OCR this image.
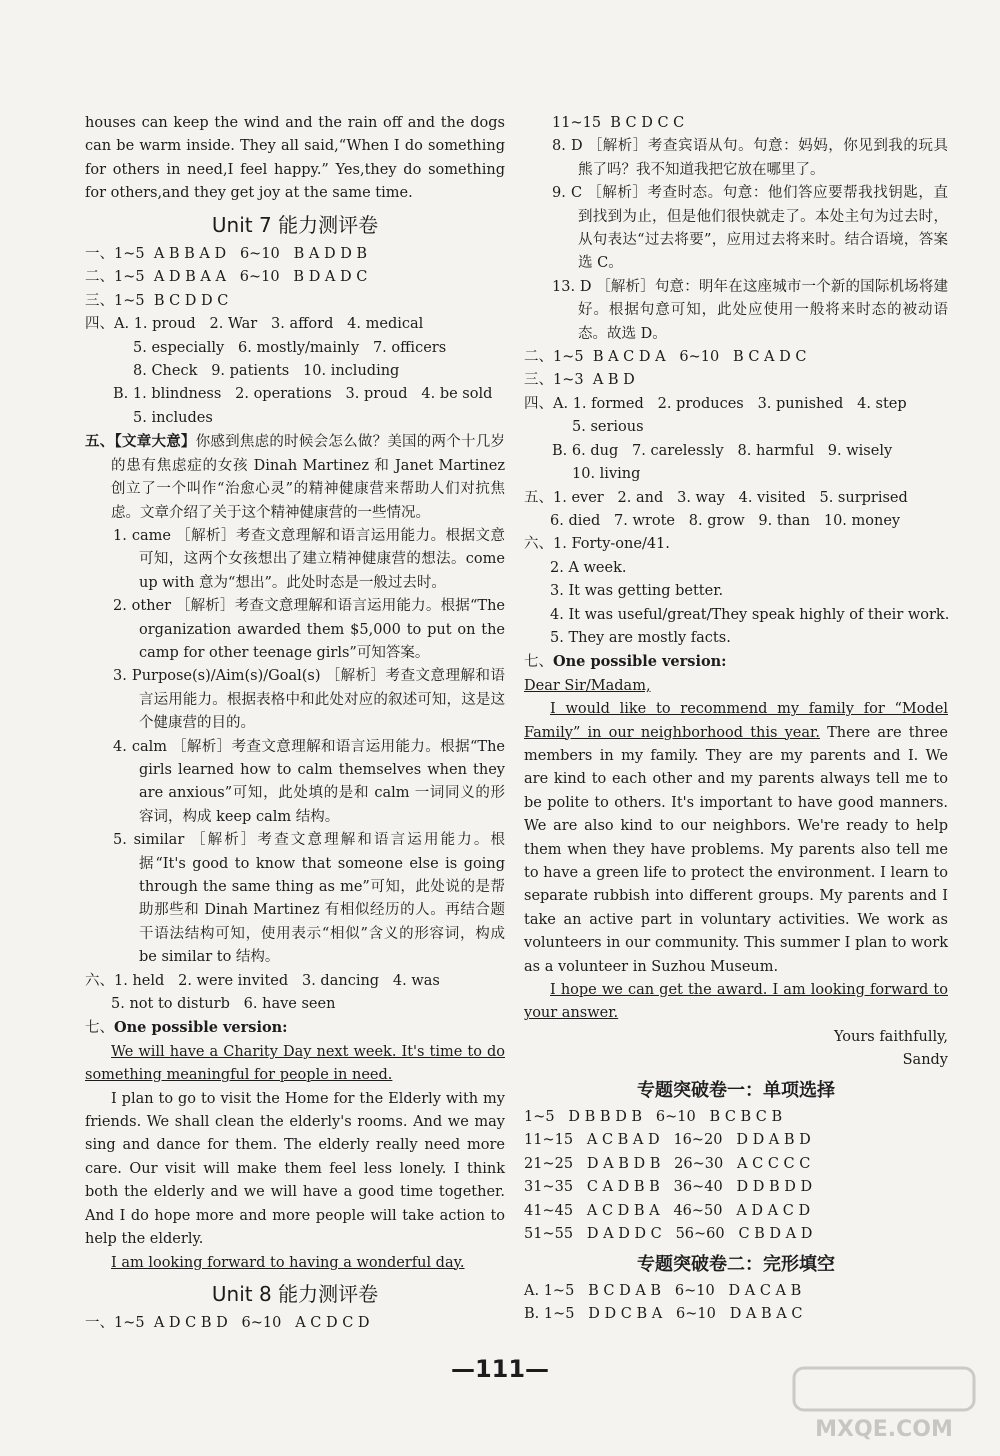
houses can keep the wind and the rain off and the dogs can be warm inside. They all said,“When I do something for others in need,I feel happy.” Yes,they do something for others,and they get joy at the same time.

Unit 7 能力测评卷

一、1~5  A B B A D   6~10   B A D D B

二、1~5  A D B A A   6~10   B D A D C

三、1~5  B C D D C

四、A. 1. proud   2. War   3. afford   4. medical

5. especially   6. mostly/mainly   7. officers

8. Check   9. patients   10. including

B. 1. blindness   2. operations   3. proud   4. be sold

5. includes

五、【文章大意】你感到焦虑的时候会怎么做？美国的两个十几岁的患有焦虑症的女孩 Dinah Martinez 和 Janet Martinez 创立了一个叫作“治愈心灵”的精神健康营来帮助人们对抗焦虑。文章介绍了关于这个精神健康营的一些情况。

1. came ［解析］考查文意理解和语言运用能力。根据文意可知，这两个女孩想出了建立精神健康营的想法。come up with 意为“想出”。此处时态是一般过去时。

2. other ［解析］考查文意理解和语言运用能力。根据“The organization awarded them $5,000 to put on the camp for other teenage girls”可知答案。

3. Purpose(s)/Aim(s)/Goal(s) ［解析］考查文意理解和语言运用能力。根据表格中和此处对应的叙述可知，这是这个健康营的目的。

4. calm ［解析］考查文意理解和语言运用能力。根据“The girls learned how to calm themselves when they are anxious”可知，此处填的是和 calm 一词同义的形容词，构成 keep calm 结构。

5. similar ［解析］考查文意理解和语言运用能力。根据“It's good to know that someone else is going through the same thing as me”可知，此处说的是帮助那些和 Dinah Martinez 有相似经历的人。再结合题干语法结构可知，使用表示“相似”含义的形容词，构成 be similar to 结构。

六、1. held   2. were invited   3. dancing   4. was

5. not to disturb   6. have seen

七、One possible version:

We will have a Charity Day next week. It's time to do something meaningful for people in need.

I plan to go to visit the Home for the Elderly with my friends. We shall clean the elderly's rooms. And we may sing and dance for them. The elderly really need more care. Our visit will make them feel less lonely. I think both the elderly and we will have a good time together. And I do hope more and more people will take action to help the elderly.

I am looking forward to having a wonderful day.

Unit 8 能力测评卷

一、1~5  A D C B D   6~10   A C D C D

11~15  B C D C C

8. D ［解析］考查宾语从句。句意：妈妈，你见到我的玩具熊了吗？我不知道我把它放在哪里了。

9. C ［解析］考查时态。句意：他们答应要帮我找钥匙，直到找到为止，但是他们很快就走了。本处主句为过去时，从句表达“过去将要”，应用过去将来时。结合语境，答案选 C。

13. D ［解析］句意：明年在这座城市一个新的国际机场将建好。根据句意可知，此处应使用一般将来时态的被动语态。故选 D。

二、1~5  B A C D A   6~10   B C A D C

三、1~3  A B D

四、A. 1. formed   2. produces   3. punished   4. step

5. serious

B. 6. dug   7. carelessly   8. harmful   9. wisely

10. living

五、1. ever   2. and   3. way   4. visited   5. surprised

6. died   7. wrote   8. grow   9. than   10. money

六、1. Forty-one/41.

2. A week.

3. It was getting better.

4. It was useful/great/They speak highly of their work.

5. They are mostly facts.

七、One possible version:

Dear Sir/Madam,

I would like to recommend my family for “Model Family” in our neighborhood this year. There are three members in my family. They are my parents and I. We are kind to each other and my parents always tell me to be polite to others. It's important to have good manners. We are also kind to our neighbors. We're ready to help them when they have problems. My parents also tell me to have a green life to protect the environment. I learn to separate rubbish into different groups. My parents and I take an active part in voluntary activities. We work as volunteers in our community. This summer I plan to work as a volunteer in Suzhou Museum.

I hope we can get the award. I am looking forward to your answer.

Yours faithfully,

Sandy

专题突破卷一：单项选择

1~5   D B B D B   6~10   B C B C B

11~15   A C B A D   16~20   D D A B D

21~25   D A B D B   26~30   A C C C C

31~35   C A D B B   36~40   D D B D D

41~45   A C D B A   46~50   A D A C D

51~55   D A D D C   56~60   C B D A D

专题突破卷二：完形填空

A. 1~5   B C D A B   6~10   D A C A B

B. 1~5   D D C B A   6~10   D A B A C

—111—
MXQE.COM
